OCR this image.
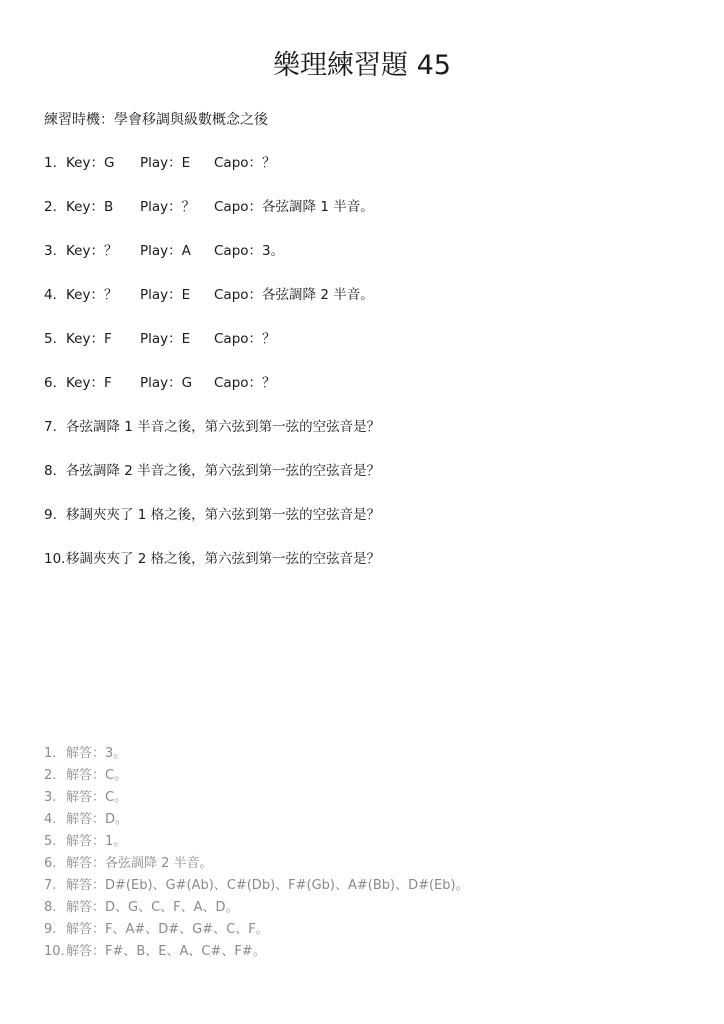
樂理練習題 45
練習時機：學會移調與級數概念之後
1. Key：G Play：E Capo：？
2. Key：B Play：？ Capo：各弦調降 1 半音。
3. Key：？ Play：A Capo：3。
4. Key：？ Play：E Capo：各弦調降 2 半音。
5. Key：F Play：E Capo：？
6. Key：F Play：G Capo：？
7. 各弦調降 1 半音之後，第六弦到第一弦的空弦音是？
8. 各弦調降 2 半音之後，第六弦到第一弦的空弦音是？
9. 移調夾夾了 1 格之後，第六弦到第一弦的空弦音是？
10.移調夾夾了 2 格之後，第六弦到第一弦的空弦音是？
1. 解答：3。
2. 解答：C。
3. 解答：C。
4. 解答：D。
5. 解答：1。
6. 解答：各弦調降 2 半音。
7. 解答：D#(Eb)、G#(Ab)、C#(Db)、F#(Gb)、A#(Bb)、D#(Eb)。
8. 解答：D、G、C、F、A、D。
9. 解答：F、A#、D#、G#、C、F。
10.解答：F#、B、E、A、C#、F#。
